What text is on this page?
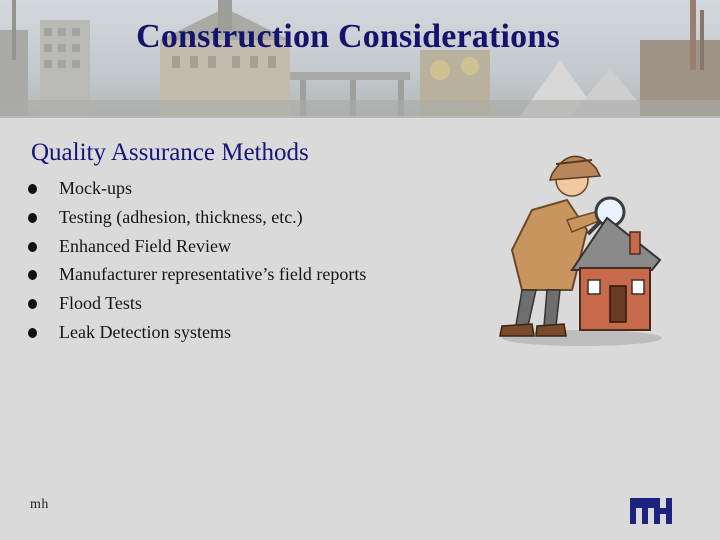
Construction Considerations
Quality Assurance Methods
Mock-ups
Testing (adhesion, thickness, etc.)
Enhanced Field Review
Manufacturer representative’s field reports
Flood Tests
Leak Detection systems
mh
